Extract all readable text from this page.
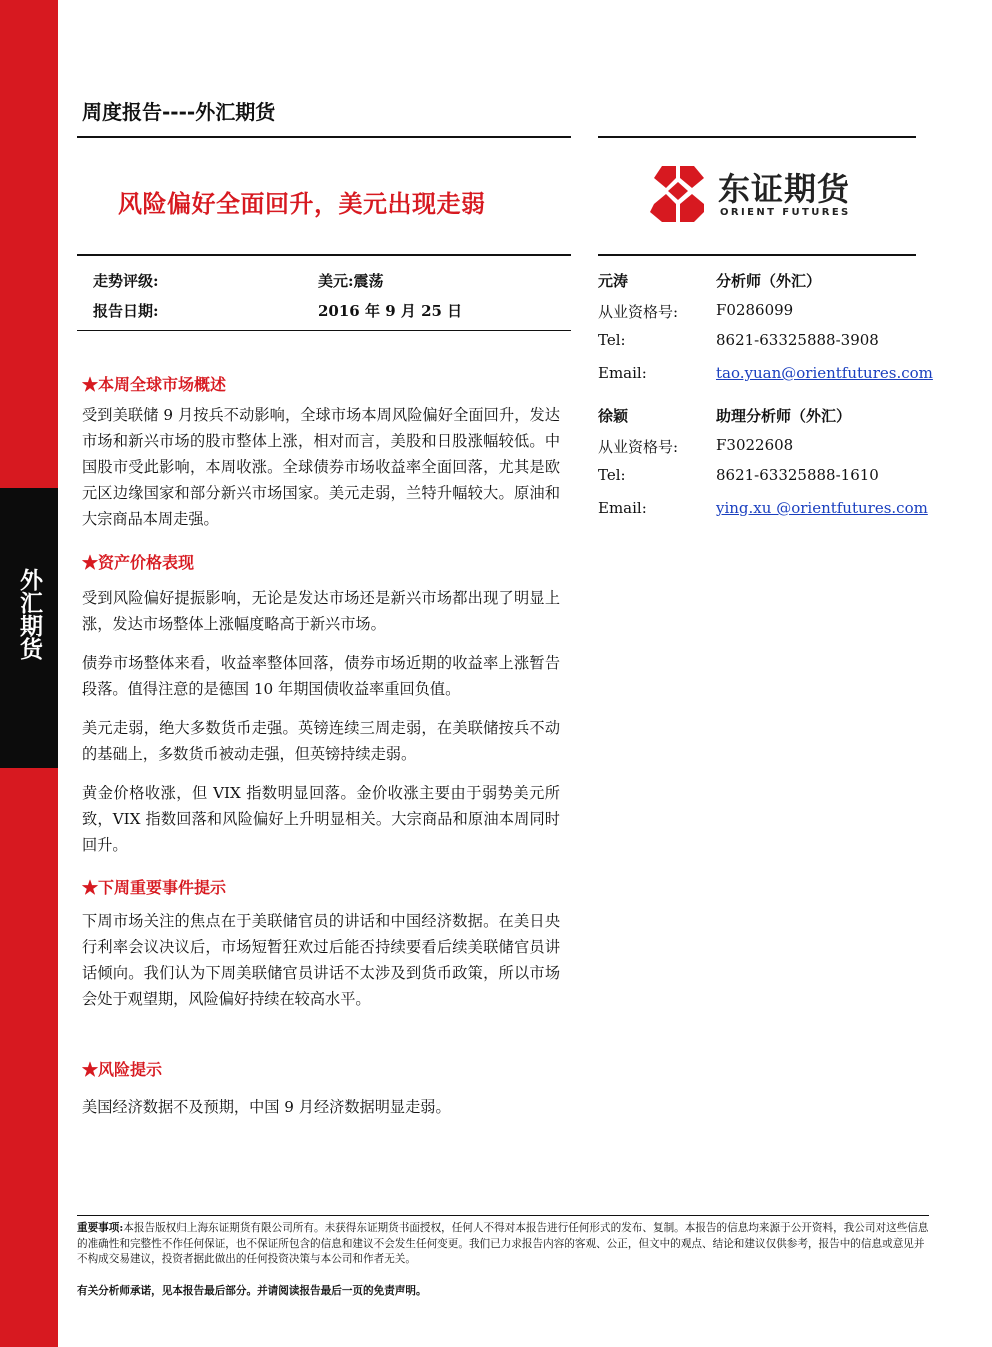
外汇期货
周度报告----外汇期货
风险偏好全面回升，美元出现走弱	东证期货
ORIENT FUTURES
走势评级:	美元:震荡
报告日期:	2016 年 9 月 25 日
元涛	分析师（外汇）
从业资格号:	F0286099
Tel:	8621-63325888-3908
Email:	tao.yuan@orientfutures.com
徐颖	助理分析师（外汇）
从业资格号:	F3022608
Tel:	8621-63325888-1610
Email:	ying.xu @orientfutures.com
★本周全球市场概述
受到美联储 9 月按兵不动影响，全球市场本周风险偏好全面回升，发达市场和新兴市场的股市整体上涨，相对而言，美股和日股涨幅较低。中国股市受此影响，本周收涨。全球债券市场收益率全面回落，尤其是欧元区边缘国家和部分新兴市场国家。美元走弱，兰特升幅较大。原油和大宗商品本周走强。
★资产价格表现
受到风险偏好提振影响，无论是发达市场还是新兴市场都出现了明显上涨，发达市场整体上涨幅度略高于新兴市场。
债券市场整体来看，收益率整体回落，债券市场近期的收益率上涨暂告段落。值得注意的是德国 10 年期国债收益率重回负值。
美元走弱，绝大多数货币走强。英镑连续三周走弱，在美联储按兵不动的基础上，多数货币被动走强，但英镑持续走弱。
黄金价格收涨，但 VIX 指数明显回落。金价收涨主要由于弱势美元所致，VIX 指数回落和风险偏好上升明显相关。大宗商品和原油本周同时回升。
★下周重要事件提示
下周市场关注的焦点在于美联储官员的讲话和中国经济数据。在美日央行利率会议决议后，市场短暂狂欢过后能否持续要看后续美联储官员讲话倾向。我们认为下周美联储官员讲话不太涉及到货币政策，所以市场会处于观望期，风险偏好持续在较高水平。
★风险提示
美国经济数据不及预期，中国 9 月经济数据明显走弱。
重要事项:本报告版权归上海东证期货有限公司所有。未获得东证期货书面授权，任何人不得对本报告进行任何形式的发布、复制。本报告的信息均来源于公开资料，我公司对这些信息的准确性和完整性不作任何保证，也不保证所包含的信息和建议不会发生任何变更。我们已力求报告内容的客观、公正，但文中的观点、结论和建议仅供参考，报告中的信息或意见并不构成交易建议，投资者据此做出的任何投资决策与本公司和作者无关。
有关分析师承诺，见本报告最后部分。并请阅读报告最后一页的免责声明。
